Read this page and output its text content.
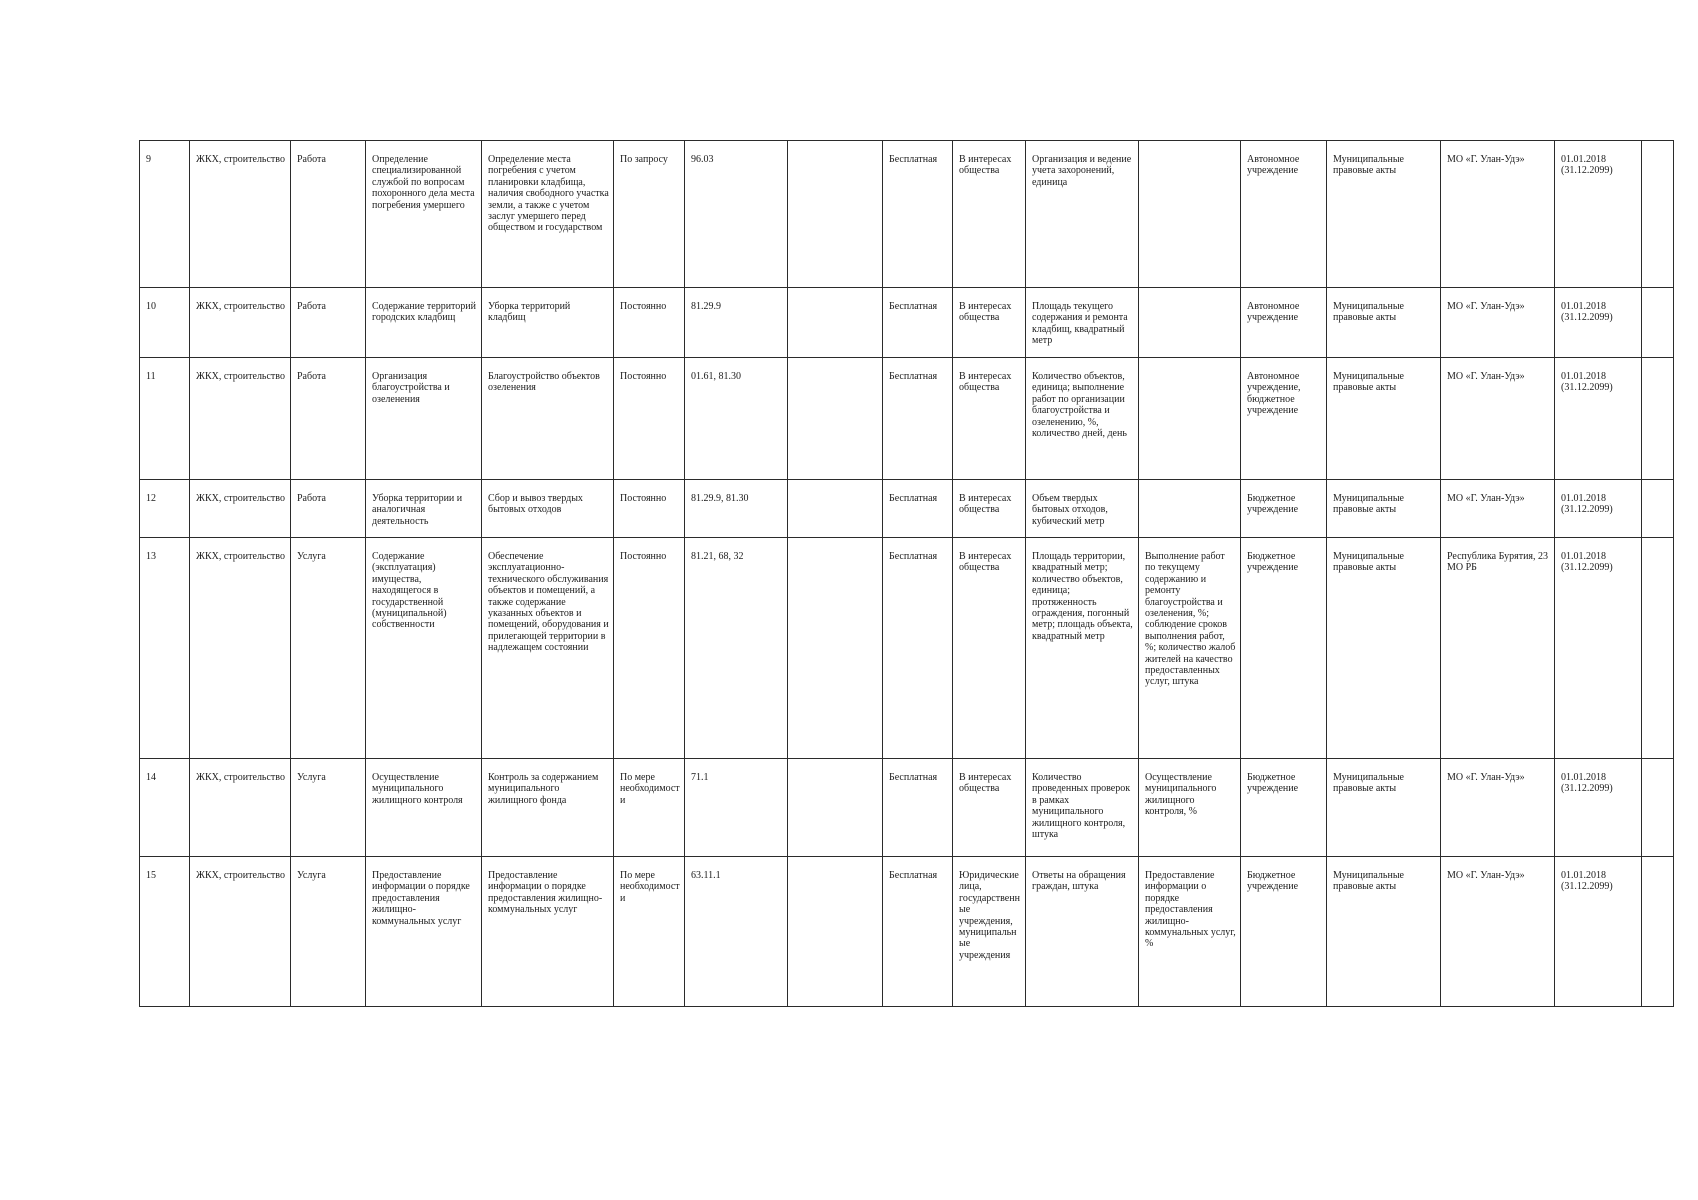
9	ЖКХ, строительство	Работа	Определение специализированной службой по вопросам похоронного дела места погребения умершего	Определение места погребения с учетом планировки кладбища, наличия свободного участка земли, а также с учетом заслуг умершего перед обществом и государством	По запросу	96.03		Бесплатная	В интересах общества	Организация и ведение учета захоронений, единица		Автономное учреждение	Муниципальные правовые акты	МО «Г. Улан-Удэ»	01.01.2018 (31.12.2099)	
10	ЖКХ, строительство	Работа	Содержание территорий городских кладбищ	Уборка территорий кладбищ	Постоянно	81.29.9		Бесплатная	В интересах общества	Площадь текущего содержания и ремонта кладбищ, квадратный метр		Автономное учреждение	Муниципальные правовые акты	МО «Г. Улан-Удэ»	01.01.2018 (31.12.2099)	
11	ЖКХ, строительство	Работа	Организация благоустройства и озеленения	Благоустройство объектов озеленения	Постоянно	01.61, 81.30		Бесплатная	В интересах общества	Количество объектов, единица; выполнение работ по организации благоустройства и озеленению, %, количество дней, день		Автономное учреждение, бюджетное учреждение	Муниципальные правовые акты	МО «Г. Улан-Удэ»	01.01.2018 (31.12.2099)	
12	ЖКХ, строительство	Работа	Уборка территории и аналогичная деятельность	Сбор и вывоз твердых бытовых отходов	Постоянно	81.29.9, 81.30		Бесплатная	В интересах общества	Объем твердых бытовых отходов, кубический метр		Бюджетное учреждение	Муниципальные правовые акты	МО «Г. Улан-Удэ»	01.01.2018 (31.12.2099)	
13	ЖКХ, строительство	Услуга	Содержание (эксплуатация) имущества, находящегося в государственной (муниципальной) собственности	Обеспечение эксплуатационно-технического обслуживания объектов и помещений, а также содержание указанных объектов и помещений, оборудования и прилегающей территории в надлежащем состоянии	Постоянно	81.21, 68, 32		Бесплатная	В интересах общества	Площадь территории, квадратный метр; количество объектов, единица; протяженность ограждения, погонный метр; площадь объекта, квадратный метр	Выполнение работ по текущему содержанию и ремонту благоустройства и озеленения, %; соблюдение сроков выполнения работ, %; количество жалоб жителей на качество предоставленных услуг, штука	Бюджетное учреждение	Муниципальные правовые акты	Республика Бурятия, 23 МО РБ	01.01.2018 (31.12.2099)	
14	ЖКХ, строительство	Услуга	Осуществление муниципального жилищного контроля	Контроль за содержанием муниципального жилищного фонда	По мере необходимости	71.1		Бесплатная	В интересах общества	Количество проведенных проверок в рамках муниципального жилищного контроля, штука	Осуществление муниципального жилищного контроля, %	Бюджетное учреждение	Муниципальные правовые акты	МО «Г. Улан-Удэ»	01.01.2018 (31.12.2099)	
15	ЖКХ, строительство	Услуга	Предоставление информации о порядке предоставления жилищно-коммунальных услуг	Предоставление информации о порядке предоставления жилищно-коммунальных услуг	По мере необходимости	63.11.1		Бесплатная	Юридические лица, государственные учреждения, муниципальные учреждения	Ответы на обращения граждан, штука	Предоставление информации о порядке предоставления жилищно-коммунальных услуг, %	Бюджетное учреждение	Муниципальные правовые акты	МО «Г. Улан-Удэ»	01.01.2018 (31.12.2099)	
